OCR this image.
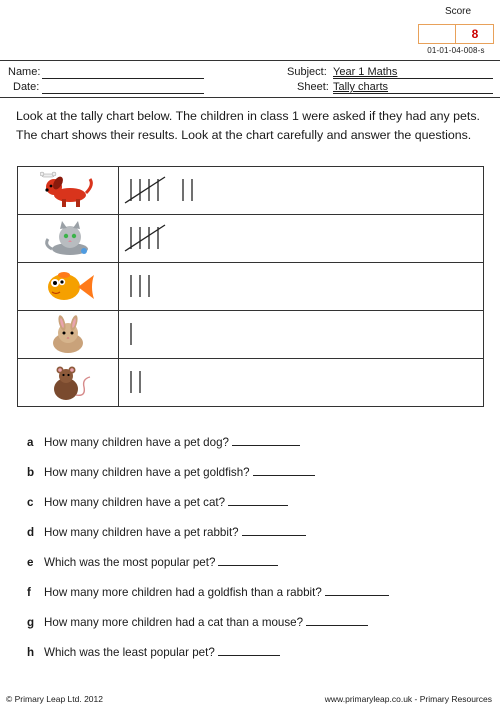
Score
8
01-01-04-008-s
Name:
Date:
Subject: Year 1 Maths
Sheet: Tally charts
Look at the tally chart below. The children in class 1 were asked if they had any pets. The chart shows their results. Look at the chart carefully and answer the questions.
a How many children have a pet dog?
b How many children have a pet goldfish?
c How many children have a pet cat?
d How many children have a pet rabbit?
e Which was the most popular pet?
f How many more children had a goldfish than a rabbit?
g How many more children had a cat than a mouse?
h Which was the least popular pet?
© Primary Leap Ltd. 2012	www.primaryleap.co.uk - Primary Resources
